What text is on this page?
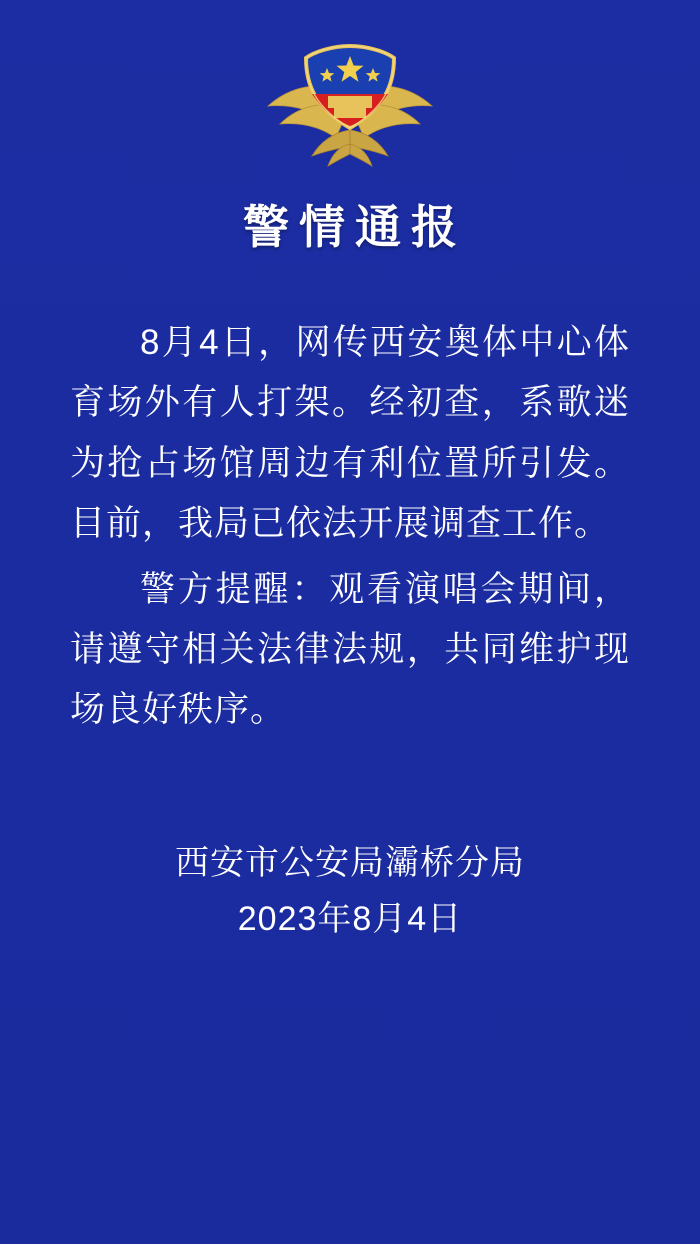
警情通报

8月4日，网传西安奥体中心体育场外有人打架。经初查，系歌迷为抢占场馆周边有利位置所引发。目前，我局已依法开展调查工作。

警方提醒：观看演唱会期间，请遵守相关法律法规，共同维护现场良好秩序。

西安市公安局灞桥分局
2023年8月4日
